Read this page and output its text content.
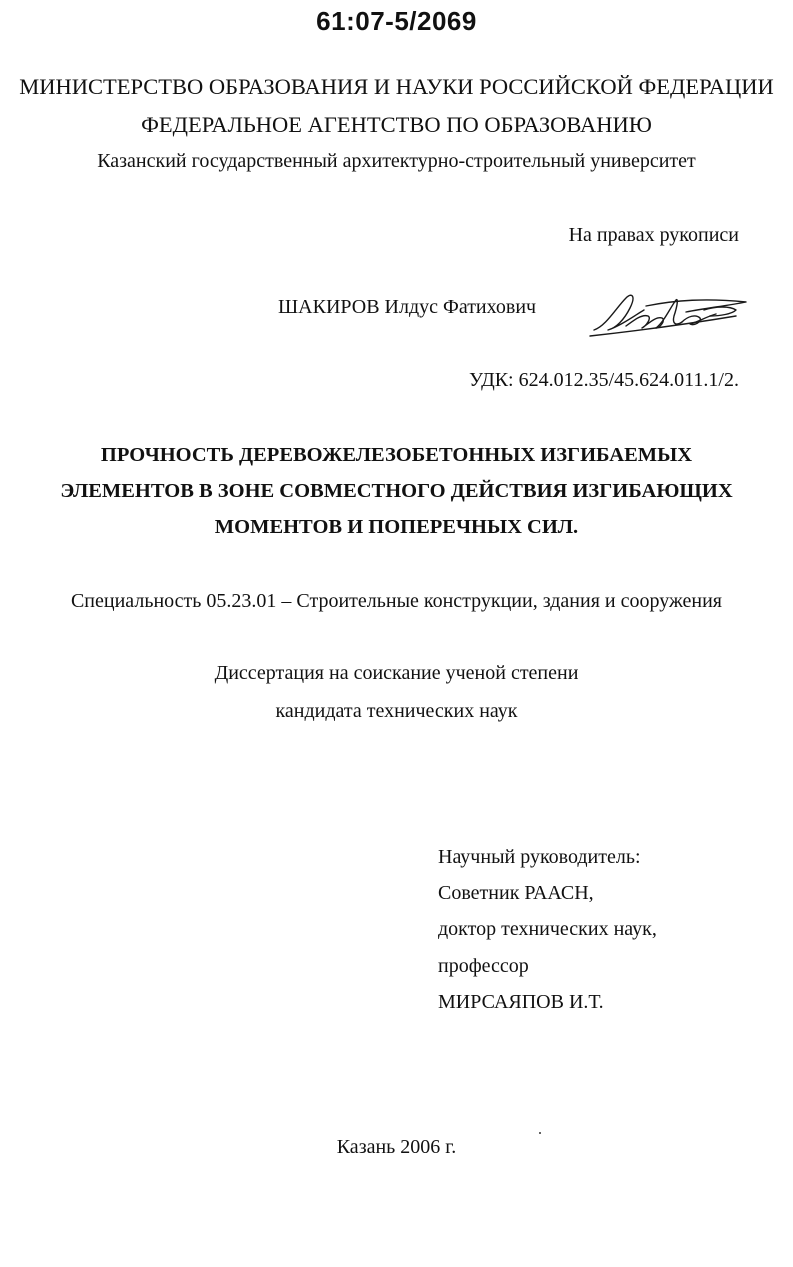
61:07-5/2069
МИНИСТЕРСТВО ОБРАЗОВАНИЯ И НАУКИ РОССИЙСКОЙ ФЕДЕРАЦИИ
ФЕДЕРАЛЬНОЕ АГЕНТСТВО ПО ОБРАЗОВАНИЮ
Казанский государственный архитектурно-строительный университет
На правах рукописи
ШАКИРОВ Илдус Фатихович
УДК: 624.012.35/45.624.011.1/2.
ПРОЧНОСТЬ ДЕРЕВОЖЕЛЕЗОБЕТОННЫХ ИЗГИБАЕМЫХ
ЭЛЕМЕНТОВ В ЗОНЕ СОВМЕСТНОГО ДЕЙСТВИЯ ИЗГИБАЮЩИХ
МОМЕНТОВ И ПОПЕРЕЧНЫХ СИЛ.
Специальность 05.23.01 – Строительные конструкции, здания и сооружения
Диссертация на соискание ученой степени
кандидата технических наук
Научный руководитель:
Советник РААСН,
доктор технических наук,
профессор
МИРСАЯПОВ И.Т.
Казань 2006 г.
